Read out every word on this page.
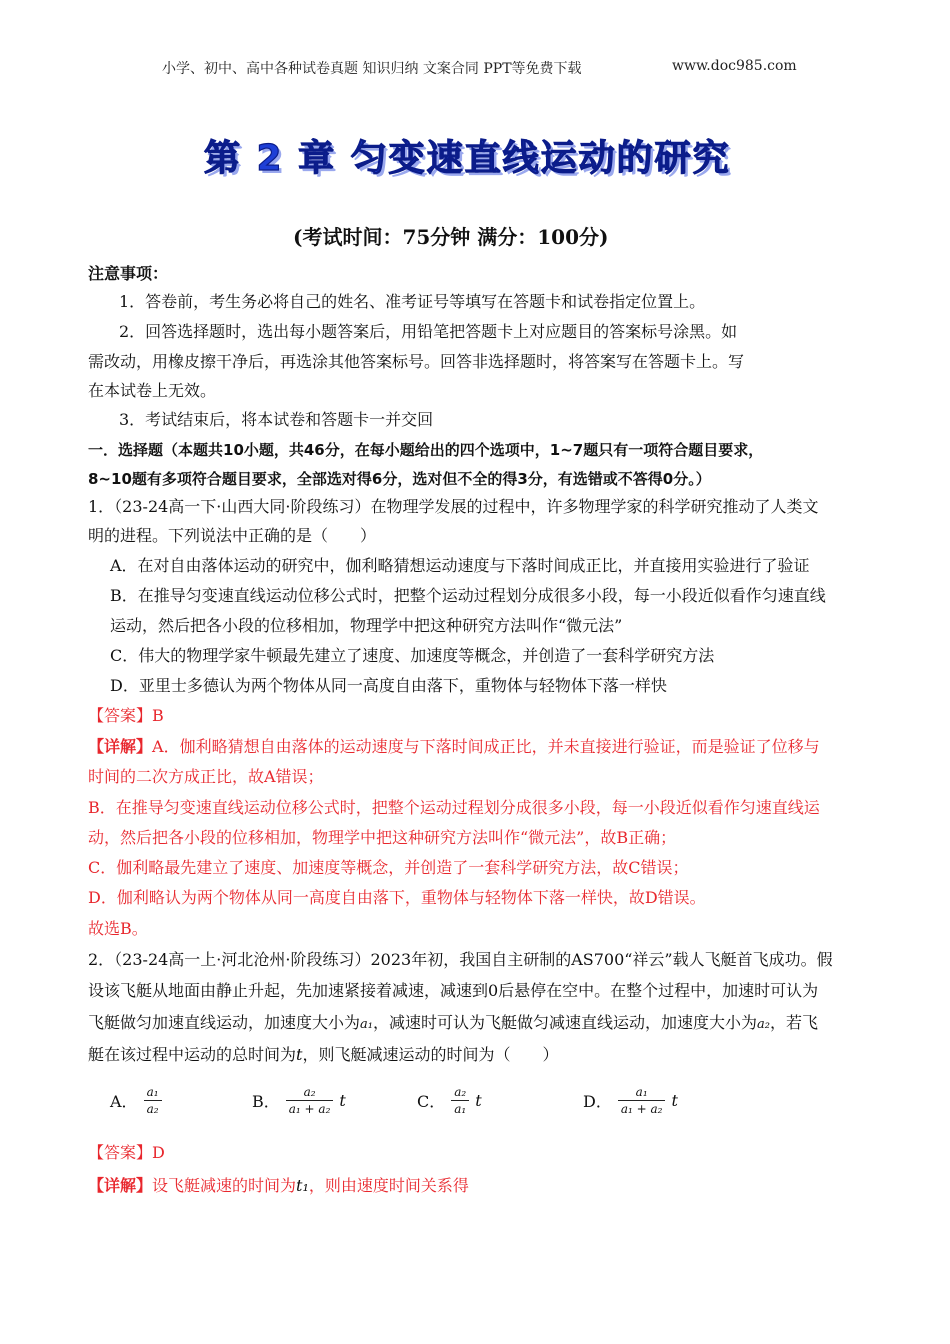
小学、初中、高中各种试卷真题 知识归纳 文案合同 PPT等免费下载	www.doc985.com
第 2 章 匀变速直线运动的研究
(考试时间：75分钟 满分：100分)
注意事项：
1．答卷前，考生务必将自己的姓名、准考证号等填写在答题卡和试卷指定位置上。
2．回答选择题时，选出每小题答案后，用铅笔把答题卡上对应题目的答案标号涂黑。如
需改动，用橡皮擦干净后，再选涂其他答案标号。回答非选择题时，将答案写在答题卡上。写
在本试卷上无效。
3．考试结束后，将本试卷和答题卡一并交回
一．选择题（本题共10小题，共46分，在每小题给出的四个选项中，1~7题只有一项符合题目要求，
8~10题有多项符合题目要求，全部选对得6分，选对但不全的得3分，有选错或不答得0分。）
1．（23-24高一下·山西大同·阶段练习）在物理学发展的过程中，许多物理学家的科学研究推动了人类文
明的进程。下列说法中正确的是（　　）
A．在对自由落体运动的研究中，伽利略猜想运动速度与下落时间成正比，并直接用实验进行了验证
B．在推导匀变速直线运动位移公式时，把整个运动过程划分成很多小段，每一小段近似看作匀速直线
运动，然后把各小段的位移相加，物理学中把这种研究方法叫作“微元法”
C．伟大的物理学家牛顿最先建立了速度、加速度等概念，并创造了一套科学研究方法
D．亚里士多德认为两个物体从同一高度自由落下，重物体与轻物体下落一样快
【答案】B
【详解】A．伽利略猜想自由落体的运动速度与下落时间成正比，并未直接进行验证，而是验证了位移与
时间的二次方成正比，故A错误；
B．在推导匀变速直线运动位移公式时，把整个运动过程划分成很多小段，每一小段近似看作匀速直线运
动，然后把各小段的位移相加，物理学中把这种研究方法叫作“微元法”，故B正确；
C．伽利略最先建立了速度、加速度等概念，并创造了一套科学研究方法，故C错误；
D．伽利略认为两个物体从同一高度自由落下，重物体与轻物体下落一样快，故D错误。
故选B。
2．（23-24高一上·河北沧州·阶段练习）2023年初，我国自主研制的AS700“祥云”载人飞艇首飞成功。假
设该飞艇从地面由静止升起，先加速紧接着减速，减速到0后悬停在空中。在整个过程中，加速时可认为
飞艇做匀加速直线运动，加速度大小为a₁，减速时可认为飞艇做匀减速直线运动，加速度大小为a₂，若飞
艇在该过程中运动的总时间为t，则飞艇减速运动的时间为（　　）
A． $\frac{\text{a₁}}{\text{a₂}}$	B． $\frac{\text{a₂}}{\text{a₁ + a₂}}$ t	C． $\frac{\text{a₂}}{\text{a₁}}$ t	D． $\frac{\text{a₁}}{\text{a₁ + a₂}}$ t
【答案】D
【详解】设飞艇减速的时间为t₁，则由速度时间关系得
